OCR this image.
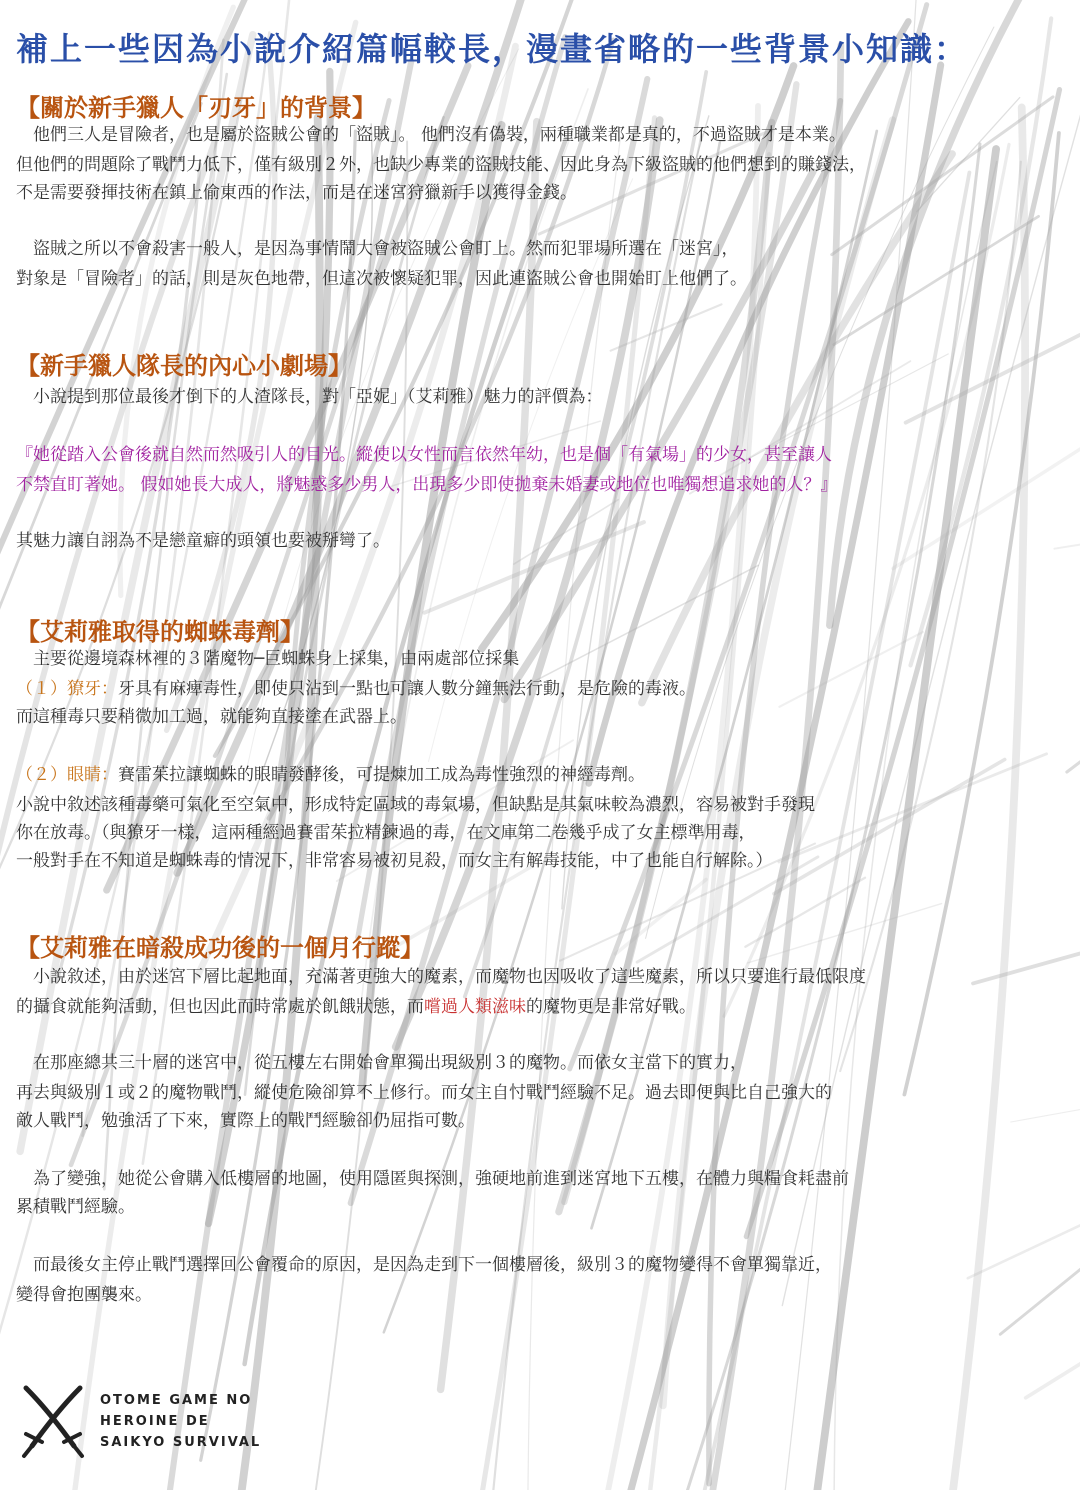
補上一些因為小說介紹篇幅較長，漫畫省略的一些背景小知識：
【關於新手獵人「刃牙」的背景】
　他們三人是冒險者，也是屬於盜賊公會的「盜賊」。 他們沒有偽裝，兩種職業都是真的，不過盜賊才是本業。
但他們的問題除了戰鬥力低下，僅有級別２外，也缺少專業的盜賊技能、因此身為下級盜賊的他們想到的賺錢法，
不是需要發揮技術在鎮上偷東西的作法，而是在迷宮狩獵新手以獲得金錢。
　盜賊之所以不會殺害一般人，是因為事情鬧大會被盜賊公會盯上。然而犯罪場所選在「迷宮」，
對象是「冒險者」的話，則是灰色地帶，但這次被懷疑犯罪，因此連盜賊公會也開始盯上他們了。
【新手獵人隊長的內心小劇場】
　小說提到那位最後才倒下的人渣隊長，對「亞妮」（艾莉雅）魅力的評價為：
『她從踏入公會後就自然而然吸引人的目光。縱使以女性而言依然年幼，也是個「有氣場」的少女，甚至讓人
不禁直盯著她。 假如她長大成人，將魅惑多少男人，出現多少即使拋棄未婚妻或地位也唯獨想追求她的人？』
其魅力讓自詡為不是戀童癖的頭領也要被掰彎了。
【艾莉雅取得的蜘蛛毒劑】
　主要從邊境森林裡的３階魔物─巨蜘蛛身上採集，由兩處部位採集
（１）獠牙：牙具有麻痺毒性，即使只沾到一點也可讓人數分鐘無法行動，是危險的毒液。
而這種毒只要稍微加工過，就能夠直接塗在武器上。
（２）眼睛：賽雷茱拉讓蜘蛛的眼睛發酵後，可提煉加工成為毒性強烈的神經毒劑。
小說中敘述該種毒藥可氣化至空氣中，形成特定區域的毒氣場，但缺點是其氣味較為濃烈，容易被對手發現
你在放毒。（與獠牙一樣，這兩種經過賽雷茱拉精鍊過的毒，在文庫第二卷幾乎成了女主標準用毒，
一般對手在不知道是蜘蛛毒的情況下，非常容易被初見殺，而女主有解毒技能，中了也能自行解除。）
【艾莉雅在暗殺成功後的一個月行蹤】
　小說敘述，由於迷宮下層比起地面，充滿著更強大的魔素，而魔物也因吸收了這些魔素，所以只要進行最低限度
的攝食就能夠活動，但也因此而時常處於飢餓狀態，而嚐過人類滋味的魔物更是非常好戰。
　在那座總共三十層的迷宮中，從五樓左右開始會單獨出現級別３的魔物。而依女主當下的實力，
再去與級別１或２的魔物戰鬥，縱使危險卻算不上修行。而女主自忖戰鬥經驗不足。過去即便與比自己強大的
敵人戰鬥，勉強活了下來，實際上的戰鬥經驗卻仍屈指可數。
　為了變強，她從公會購入低樓層的地圖，使用隱匿與探測，強硬地前進到迷宮地下五樓，在體力與糧食耗盡前
累積戰鬥經驗。
　而最後女主停止戰鬥選擇回公會覆命的原因，是因為走到下一個樓層後，級別３的魔物變得不會單獨靠近，
變得會抱團襲來。
OTOME GAME NO
HEROINE DE
SAIKYO SURVIVAL
